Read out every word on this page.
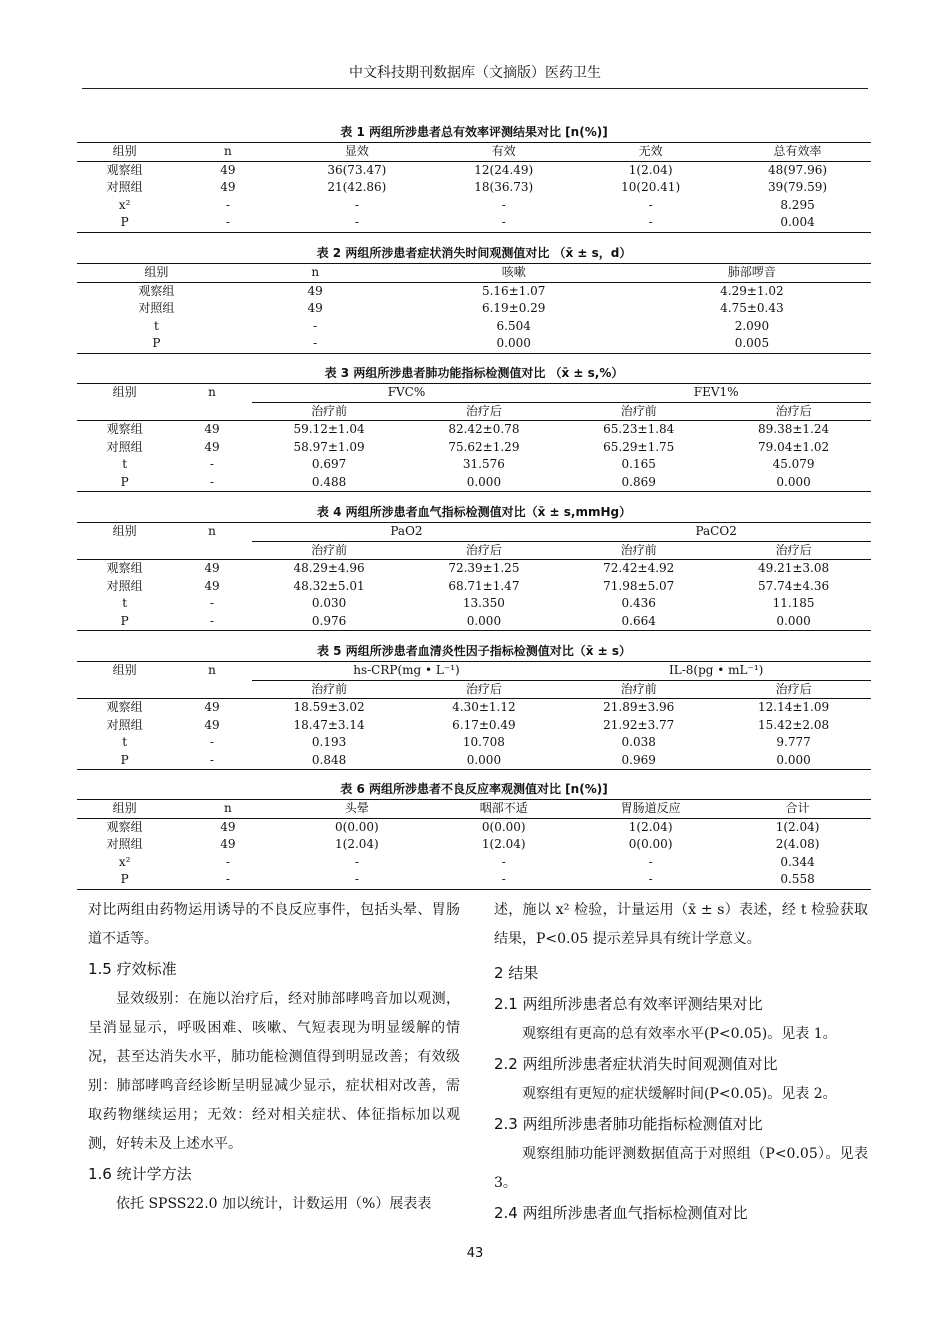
中文科技期刊数据库（文摘版）医药卫生
表 1 两组所涉患者总有效率评测结果对比 [n(%)]
组别	n	显效	有效	无效	总有效率
观察组	49	36(73.47)	12(24.49)	1(2.04)	48(97.96)
对照组	49	21(42.86)	18(36.73)	10(20.41)	39(79.59)
x²	-	-	-	-	8.295
P	-	-	-	-	0.004
表 2 两组所涉患者症状消失时间观测值对比 （x̄ ± s，d）
组别	n	咳嗽	肺部啰音
观察组	49	5.16±1.07	4.29±1.02
对照组	49	6.19±0.29	4.75±0.43
t	-	6.504	2.090
P	-	0.000	0.005
表 3 两组所涉患者肺功能指标检测值对比 （x̄ ± s,%）
组别	n	FVC%		FEV1%	
		治疗前	治疗后	治疗前	治疗后
观察组	49	59.12±1.04	82.42±0.78	65.23±1.84	89.38±1.24
对照组	49	58.97±1.09	75.62±1.29	65.29±1.75	79.04±1.02
t	-	0.697	31.576	0.165	45.079
P	-	0.488	0.000	0.869	0.000
表 4 两组所涉患者血气指标检测值对比（x̄ ± s,mmHg）
组别	n	PaO2		PaCO2	
		治疗前	治疗后	治疗前	治疗后
观察组	49	48.29±4.96	72.39±1.25	72.42±4.92	49.21±3.08
对照组	49	48.32±5.01	68.71±1.47	71.98±5.07	57.74±4.36
t	-	0.030	13.350	0.436	11.185
P	-	0.976	0.000	0.664	0.000
表 5 两组所涉患者血清炎性因子指标检测值对比（x̄ ± s）
组别	n	hs-CRP(mg • L⁻¹)		IL-8(pg • mL⁻¹)	
		治疗前	治疗后	治疗前	治疗后
观察组	49	18.59±3.02	4.30±1.12	21.89±3.96	12.14±1.09
对照组	49	18.47±3.14	6.17±0.49	21.92±3.77	15.42±2.08
t	-	0.193	10.708	0.038	9.777
P	-	0.848	0.000	0.969	0.000
表 6 两组所涉患者不良反应率观测值对比 [n(%)]
组别	n	头晕	咽部不适	胃肠道反应	合计
观察组	49	0(0.00)	0(0.00)	1(2.04)	1(2.04)
对照组	49	1(2.04)	1(2.04)	0(0.00)	2(4.08)
x²	-	-	-	-	0.344
P	-	-	-	-	0.558

对比两组由药物运用诱导的不良反应事件，包括头晕、胃肠道不适等。

1.5 疗效标准

显效级别：在施以治疗后，经对肺部哮鸣音加以观测，呈消显显示，呼吸困难、咳嗽、气短表现为明显缓解的情况，甚至达消失水平，肺功能检测值得到明显改善；有效级别：肺部哮鸣音经诊断呈明显减少显示，症状相对改善，需取药物继续运用；无效：经对相关症状、体征指标加以观测，好转未及上述水平。

1.6 统计学方法

依托 SPSS22.0 加以统计，计数运用（%）展表表

述，施以 x² 检验，计量运用（x̄ ± s）表述，经 t 检验获取结果，P<0.05 提示差异具有统计学意义。

2 结果
2.1 两组所涉患者总有效率评测结果对比

观察组有更高的总有效率水平(P<0.05)。见表 1。

2.2 两组所涉患者症状消失时间观测值对比

观察组有更短的症状缓解时间(P<0.05)。见表 2。

2.3 两组所涉患者肺功能指标检测值对比

观察组肺功能评测数据值高于对照组（P<0.05）。见表 3。

2.4 两组所涉患者血气指标检测值对比
43
